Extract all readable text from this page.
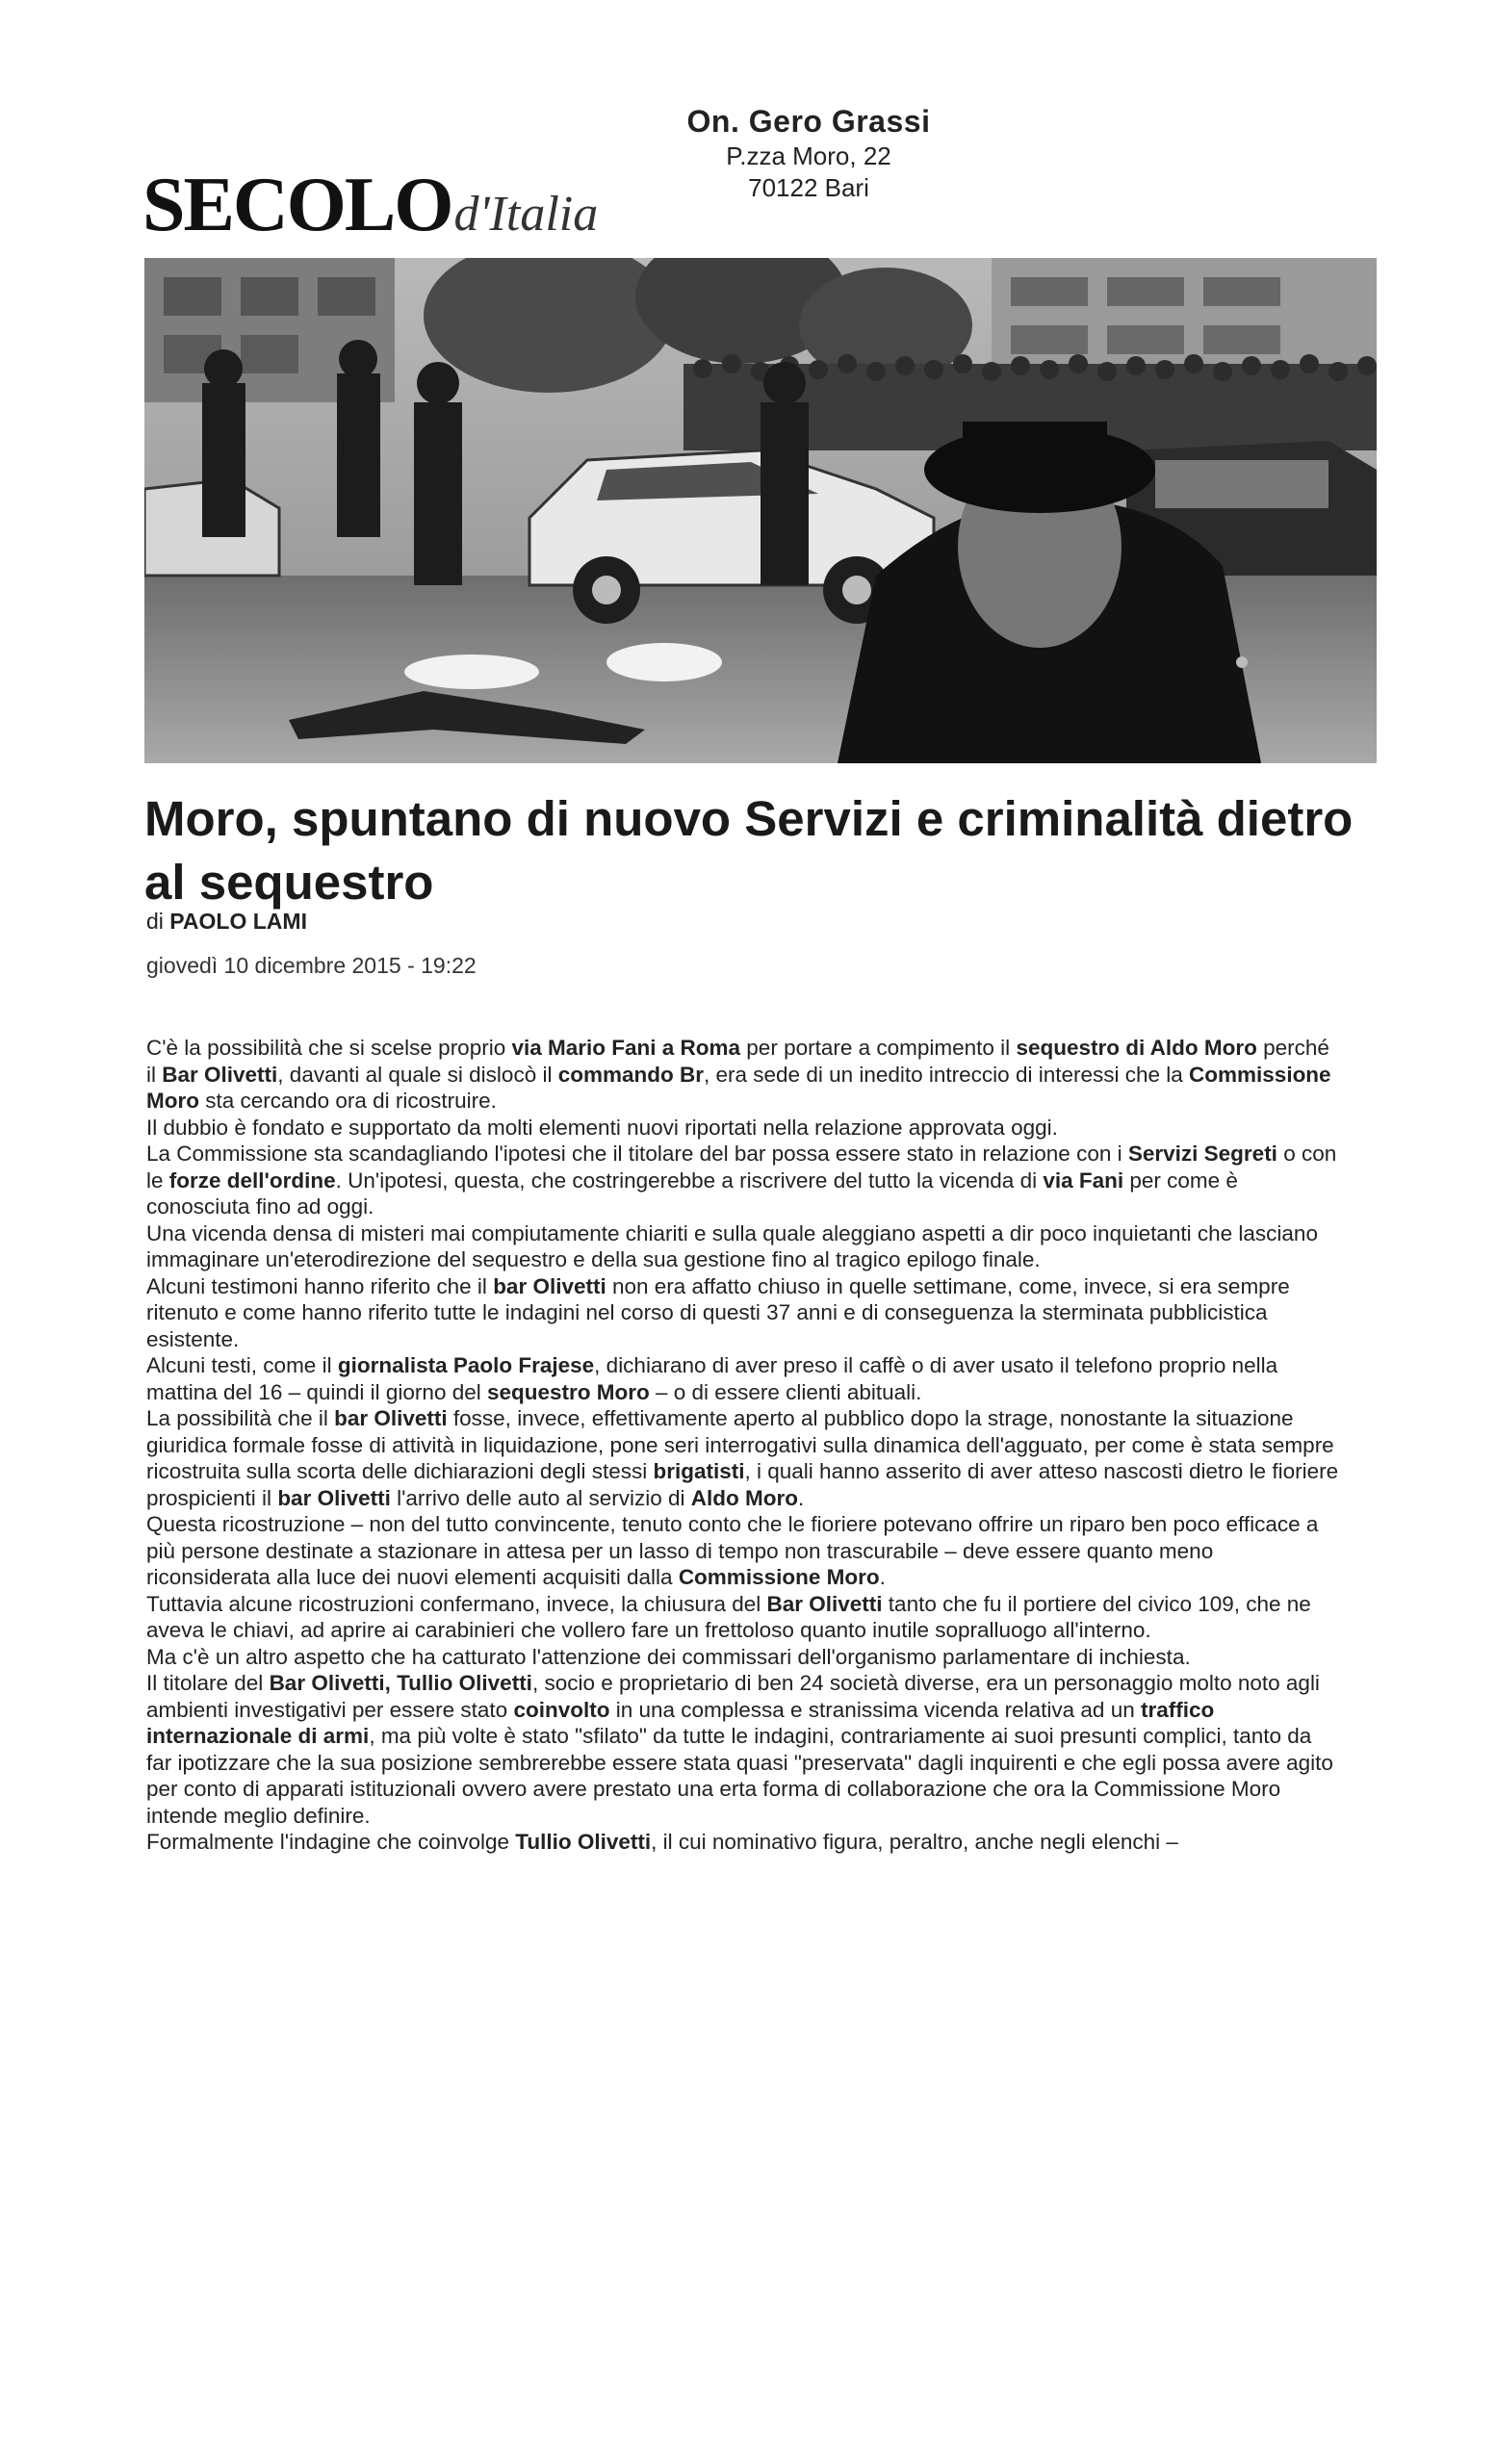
On. Gero Grassi
P.zza Moro, 22
70122 Bari
SECOLOd'Italia
Moro, spuntano di nuovo Servizi e criminalità dietro al sequestro
di PAOLO LAMI
giovedì 10 dicembre 2015 - 19:22

C'è la possibilità che si scelse proprio via Mario Fani a Roma per portare a compimento il sequestro di Aldo Moro perché il Bar Olivetti, davanti al quale si dislocò il commando Br, era sede di un inedito intreccio di interessi che la Commissione Moro sta cercando ora di ricostruire.

Il dubbio è fondato e supportato da molti elementi nuovi riportati nella relazione approvata oggi.

La Commissione sta scandagliando l'ipotesi che il titolare del bar possa essere stato in relazione con i Servizi Segreti o con le forze dell'ordine. Un'ipotesi, questa, che costringerebbe a riscrivere del tutto la vicenda di via Fani per come è conosciuta fino ad oggi.

Una vicenda densa di misteri mai compiutamente chiariti e sulla quale aleggiano aspetti a dir poco inquietanti che lasciano immaginare un'eterodirezione del sequestro e della sua gestione fino al tragico epilogo finale.

Alcuni testimoni hanno riferito che il bar Olivetti non era affatto chiuso in quelle settimane, come, invece, si era sempre ritenuto e come hanno riferito tutte le indagini nel corso di questi 37 anni e di conseguenza la sterminata pubblicistica esistente.

Alcuni testi, come il giornalista Paolo Frajese, dichiarano di aver preso il caffè o di aver usato il telefono proprio nella mattina del 16 – quindi il giorno del sequestro Moro – o di essere clienti abituali.

La possibilità che il bar Olivetti fosse, invece, effettivamente aperto al pubblico dopo la strage, nonostante la situazione giuridica formale fosse di attività in liquidazione, pone seri interrogativi sulla dinamica dell'agguato, per come è stata sempre ricostruita sulla scorta delle dichiarazioni degli stessi brigatisti, i quali hanno asserito di aver atteso nascosti dietro le fioriere prospicienti il bar Olivetti l'arrivo delle auto al servizio di Aldo Moro.

Questa ricostruzione – non del tutto convincente, tenuto conto che le fioriere potevano offrire un riparo ben poco efficace a più persone destinate a stazionare in attesa per un lasso di tempo non trascurabile – deve essere quanto meno riconsiderata alla luce dei nuovi elementi acquisiti dalla Commissione Moro.

Tuttavia alcune ricostruzioni confermano, invece, la chiusura del Bar Olivetti tanto che fu il portiere del civico 109, che ne aveva le chiavi, ad aprire ai carabinieri che vollero fare un frettoloso quanto inutile sopralluogo all'interno.

Ma c'è un altro aspetto che ha catturato l'attenzione dei commissari dell'organismo parlamentare di inchiesta.

Il titolare del Bar Olivetti, Tullio Olivetti, socio e proprietario di ben 24 società diverse, era un personaggio molto noto agli ambienti investigativi per essere stato coinvolto in una complessa e stranissima vicenda relativa ad un traffico internazionale di armi, ma più volte è stato "sfilato" da tutte le indagini, contrariamente ai suoi presunti complici, tanto da far ipotizzare che la sua posizione sembrerebbe essere stata quasi "preservata" dagli inquirenti e che egli possa avere agito per conto di apparati istituzionali ovvero avere prestato una erta forma di collaborazione che ora la Commissione Moro intende meglio definire.

Formalmente l'indagine che coinvolge Tullio Olivetti, il cui nominativo figura, peraltro, anche negli elenchi –
